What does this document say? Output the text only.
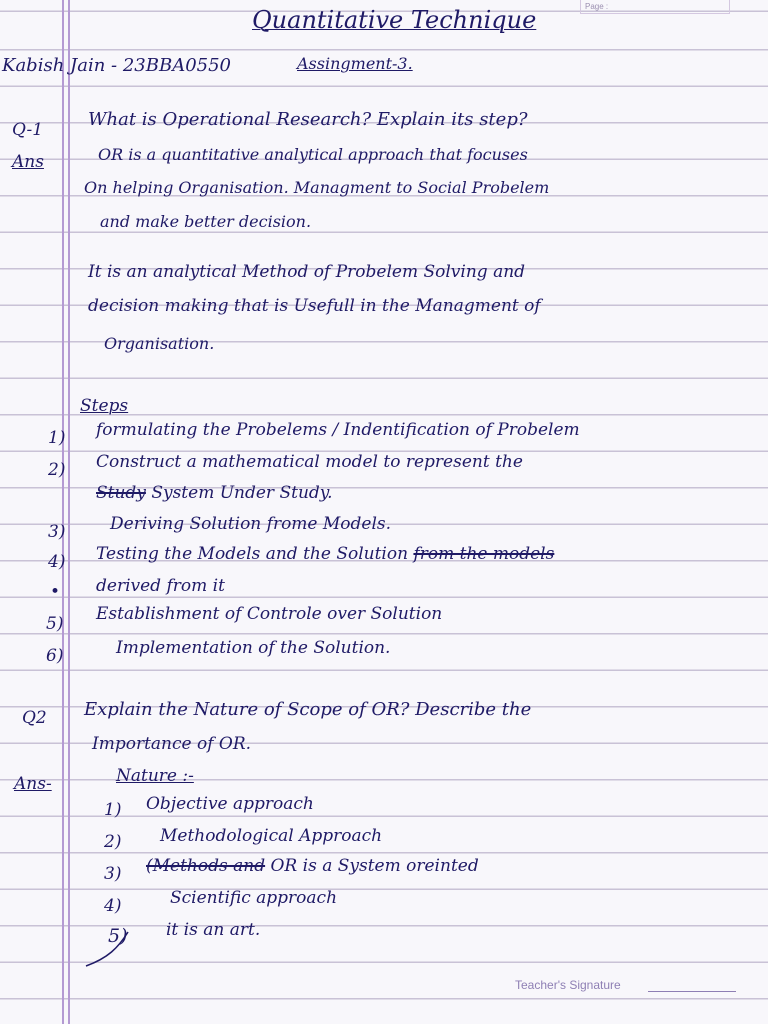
Page :
Quantitative Technique
Kabish Jain - 23BBA0550	Assingment-3.
Q-1 What is Operational Research? Explain its step?
Ans	OR is a quantitative analytical approach that focuses
On helping Organisation. Managment to Social Probelem
and make better decision.
It is an analytical Method of Probelem Solving and
decision making that is Usefull in the Managment of
Organisation.
Steps
1) formulating the Probelems / Indentification of Probelem
2) Construct a mathematical model to represent the
Study System Under Study.
3)	Deriving Solution frome Models.
4) Testing the Models and the Solution from the models
• derived from it
5) Establishment of Controle over Solution
6)	Implementation of the Solution.
Q2 Explain the Nature of Scope of OR? Describe the
Importance of OR.
Ans-	Nature :-
1) Objective approach
2) Methodological Approach
3) (Methods and OR is a System oreinted
4)	Scientific approach
5) it is an art.
Teacher's Signature
